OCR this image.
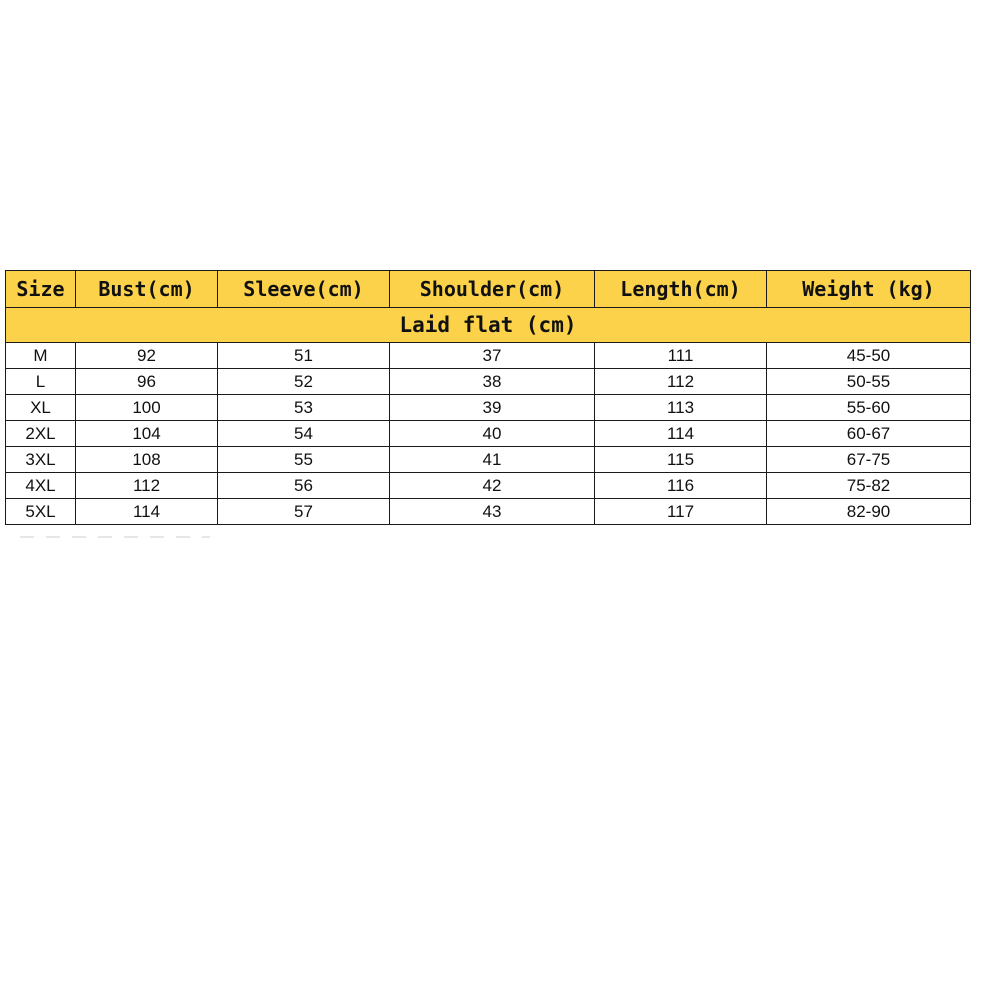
Size	Bust(cm)	Sleeve(cm)	Shoulder(cm)	Length(cm)	Weight (kg)
Laid flat (cm)					
M	92	51	37	111	45-50
L	96	52	38	112	50-55
XL	100	53	39	113	55-60
2XL	104	54	40	114	60-67
3XL	108	55	41	115	67-75
4XL	112	56	42	116	75-82
5XL	114	57	43	117	82-90
